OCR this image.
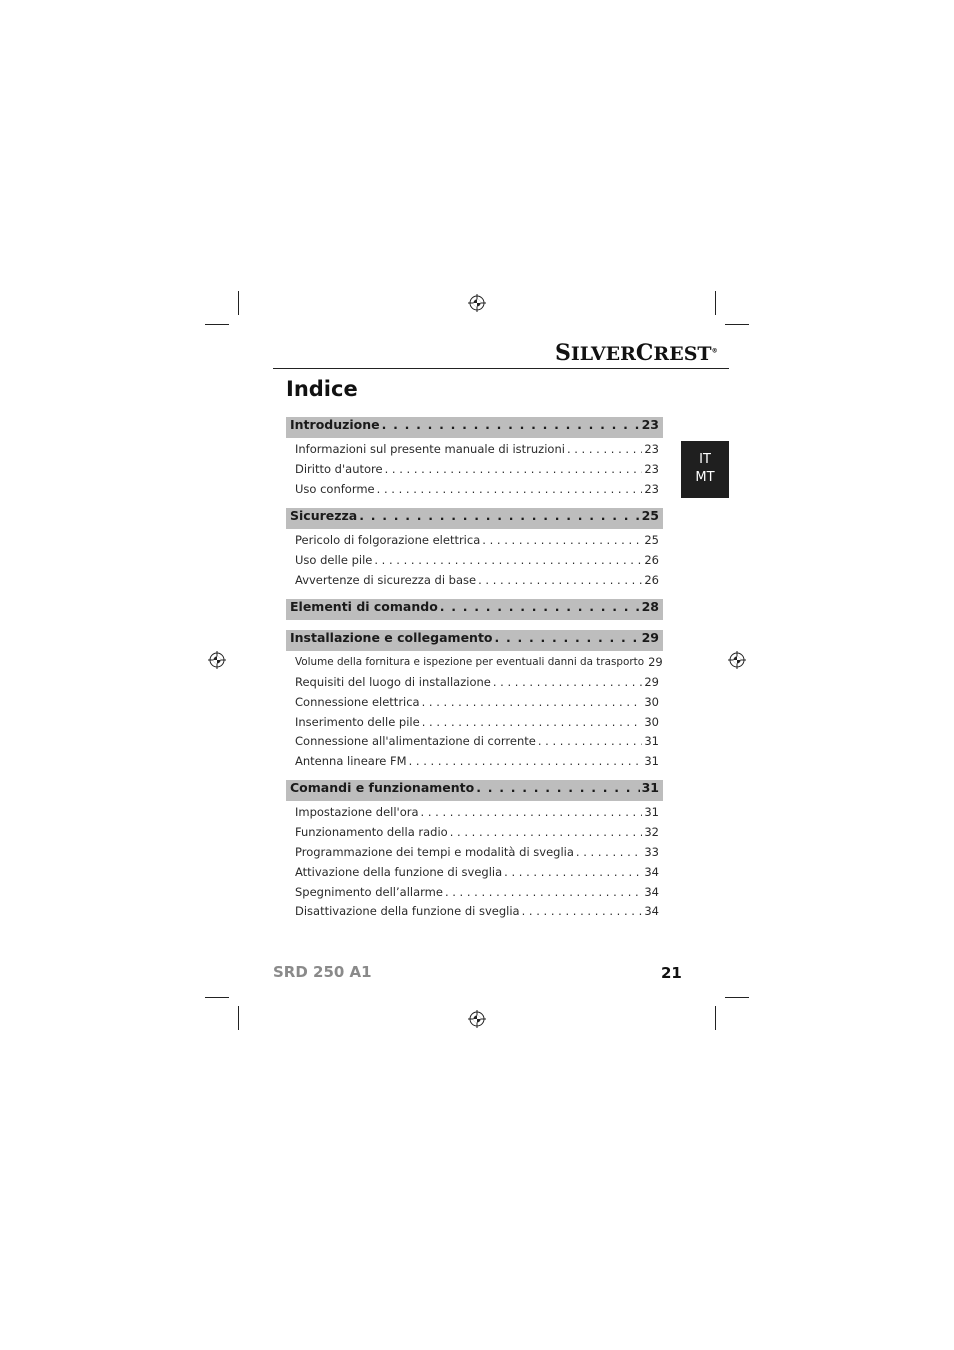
SILVERCREST®
Indice
IT
MT
Introduzione . . .	23
Informazioni sul presente manuale di istruzioni . . .	23
Diritto d'autore . . .	23
Uso conforme . . .	23
Sicurezza . . .	25
Pericolo di folgorazione elettrica . . .	25
Uso delle pile . . .	26
Avvertenze di sicurezza di base . . .	26
Elementi di comando . . .	28
Installazione e collegamento . . .	29
Volume della fornitura e ispezione per eventuali danni da trasporto 29
Requisiti del luogo di installazione . . .	29
Connessione elettrica . . .	30
Inserimento delle pile . . .	30
Connessione all'alimentazione di corrente . . .	31
Antenna lineare FM . . .	31
Comandi e funzionamento . . .	31
Impostazione dell'ora . . .	31
Funzionamento della radio . . .	32
Programmazione dei tempi e modalità di sveglia . . .	33
Attivazione della funzione di sveglia . . .	34
Spegnimento dell’allarme . . .	34
Disattivazione della funzione di sveglia . . .	34
SRD 250 A1	21
